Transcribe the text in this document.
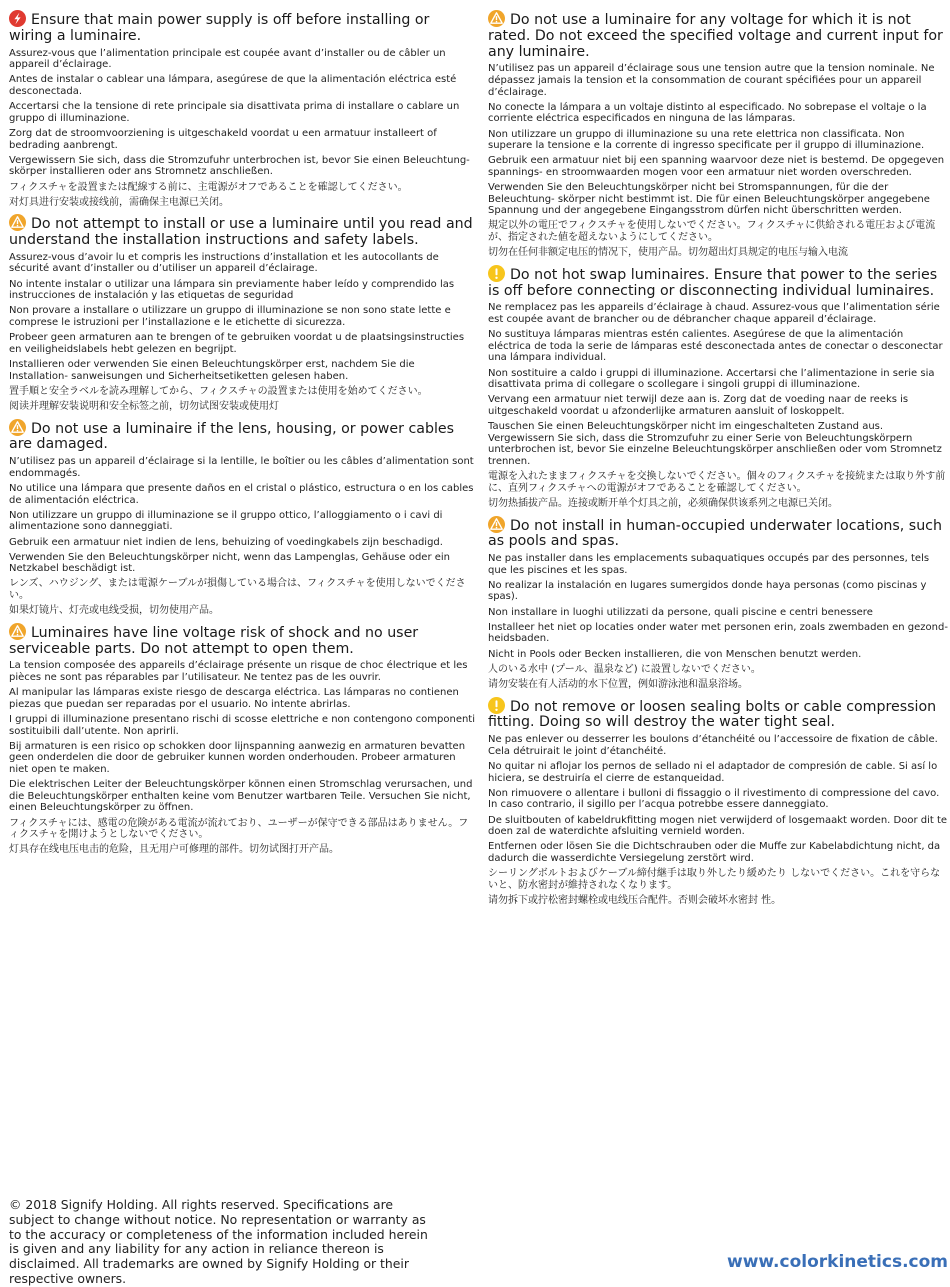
Ensure that main power supply is off before installing or wiring a luminaire.
Assurez-vous que l’alimentation principale est coupée avant d’installer ou de câbler un appareil d’éclairage.
Antes de instalar o cablear una lámpara, asegúrese de que la alimentación eléctrica esté desconectada.
Accertarsi che la tensione di rete principale sia disattivata prima di installare o cablare un gruppo di illuminazione.
Zorg dat de stroomvoorziening is uitgeschakeld voordat u een armatuur installeert of bedrading aanbrengt.
Vergewissern Sie sich, dass die Stromzufuhr unterbrochen ist, bevor Sie einen Beleuchtung- skörper installieren oder ans Stromnetz anschließen.
フィクスチャを設置または配線する前に、主電源がオフであることを確認してください。
对灯具进行安装或接线前，需确保主电源已关闭。
Do not attempt to install or use a luminaire until you read and understand the installation instructions and safety labels.
Assurez-vous d’avoir lu et compris les instructions d’installation et les autocollants de sécurité avant d’installer ou d’utiliser un appareil d’éclairage.
No intente instalar o utilizar una lámpara sin previamente haber leído y comprendido las instrucciones de instalación y las etiquetas de seguridad
Non provare a installare o utilizzare un gruppo di illuminazione se non sono state lette e comprese le istruzioni per l’installazione e le etichette di sicurezza.
Probeer geen armaturen aan te brengen of te gebruiken voordat u de plaatsingsinstructies en veiligheidslabels hebt gelezen en begrijpt.
Installieren oder verwenden Sie einen Beleuchtungskörper erst, nachdem Sie die Installation- sanweisungen und Sicherheitsetiketten gelesen haben.
置手順と安全ラベルを読み理解してから、フィクスチャの設置または使用を始めてください。
阅读并理解安装说明和安全标签之前，切勿试图安装或使用灯
Do not use a luminaire if the lens, housing, or power cables are damaged.
N’utilisez pas un appareil d’éclairage si la lentille, le boîtier ou les câbles d’alimentation sont endommagés.
No utilice una lámpara que presente daños en el cristal o plástico, estructura o en los cables de alimentación eléctrica.
Non utilizzare un gruppo di illuminazione se il gruppo ottico, l’alloggiamento o i cavi di alimentazione sono danneggiati.
Gebruik een armatuur niet indien de lens, behuizing of voedingkabels zijn beschadigd.
Verwenden Sie den Beleuchtungskörper nicht, wenn das Lampenglas, Gehäuse oder ein Netzkabel beschädigt ist.
レンズ、ハウジング、または電源ケーブルが損傷している場合は、フィクスチャを使用しないでください。
如果灯镜片、灯壳或电线受损，切勿使用产品。
Luminaires have line voltage risk of shock and no user serviceable parts. Do not attempt to open them.
La tension composée des appareils d’éclairage présente un risque de choc électrique et les pièces ne sont pas réparables par l’utilisateur. Ne tentez pas de les ouvrir.
Al manipular las lámparas existe riesgo de descarga eléctrica. Las lámparas no contienen piezas que puedan ser reparadas por el usuario. No intente abrirlas.
I gruppi di illuminazione presentano rischi di scosse elettriche e non contengono componenti sostituibili dall’utente. Non aprirli.
Bij armaturen is een risico op schokken door lijnspanning aanwezig en armaturen bevatten geen onderdelen die door de gebruiker kunnen worden onderhouden. Probeer armaturen niet open te maken.
Die elektrischen Leiter der Beleuchtungskörper können einen Stromschlag verursachen, und die Beleuchtungskörper enthalten keine vom Benutzer wartbaren Teile. Versuchen Sie nicht, einen Beleuchtungskörper zu öffnen.
フィクスチャには、感電の危険がある電流が流れており、ユーザーが保守できる部品はありません。フィクスチャを開けようとしないでください。
灯具存在线电压电击的危险，且无用户可修理的部件。切勿试图打开产品。
Do not use a luminaire for any voltage for which it is not rated. Do not exceed the specified voltage and current input for any luminaire.
N’utilisez pas un appareil d’éclairage sous une tension autre que la tension nominale. Ne dépassez jamais la tension et la consommation de courant spécifiées pour un appareil d’éclairage.
No conecte la lámpara a un voltaje distinto al especificado. No sobrepase el voltaje o la corriente eléctrica especificados en ninguna de las lámparas.
Non utilizzare un gruppo di illuminazione su una rete elettrica non classificata. Non superare la tensione e la corrente di ingresso specificate per il gruppo di illuminazione.
Gebruik een armatuur niet bij een spanning waarvoor deze niet is bestemd. De opgegeven spannings- en stroomwaarden mogen voor een armatuur niet worden overschreden.
Verwenden Sie den Beleuchtungskörper nicht bei Stromspannungen, für die der Beleuchtung- skörper nicht bestimmt ist. Die für einen Beleuchtungskörper angegebene Spannung und der angegebene Eingangsstrom dürfen nicht überschritten werden.
規定以外の電圧でフィクスチャを使用しないでください。フィクスチャに供給される電圧および電流が、指定された値を超えないようにしてください。
切勿在任何非额定电压的情况下，使用产品。切勿超出灯具规定的电压与输入电流
Do not hot swap luminaires. Ensure that power to the series is off before connecting or disconnecting individual luminaires.
Ne remplacez pas les appareils d’éclairage à chaud. Assurez-vous que l’alimentation série est coupée avant de brancher ou de débrancher chaque appareil d’éclairage.
No sustituya lámparas mientras estén calientes. Asegúrese de que la alimentación eléctrica de toda la serie de lámparas esté desconectada antes de conectar o desconectar una lámpara individual.
Non sostituire a caldo i gruppi di illuminazione. Accertarsi che l’alimentazione in serie sia disattivata prima di collegare o scollegare i singoli gruppi di illuminazione.
Vervang een armatuur niet terwijl deze aan is. Zorg dat de voeding naar de reeks is uitgeschakeld voordat u afzonderlijke armaturen aansluit of loskoppelt.
Tauschen Sie einen Beleuchtungskörper nicht im eingeschalteten Zustand aus. Vergewissern Sie sich, dass die Stromzufuhr zu einer Serie von Beleuchtungskörpern unterbrochen ist, bevor Sie einzelne Beleuchtungskörper anschließen oder vom Stromnetz trennen.
電源を入れたままフィクスチャを交換しないでください。個々のフィクスチャを接続または取り外す前に、直列フィクスチャへの電源がオフであることを確認してください。
切勿热插拔产品。连接或断开单个灯具之前，必须确保供该系列之电源已关闭。
Do not install in human-occupied underwater locations, such as pools and spas.
Ne pas installer dans les emplacements subaquatiques occupés par des personnes, tels que les piscines et les spas.
No realizar la instalación en lugares sumergidos donde haya personas (como piscinas y spas).
Non installare in luoghi utilizzati da persone, quali piscine e centri benessere
Installeer het niet op locaties onder water met personen erin, zoals zwembaden en gezond- heidsbaden.
Nicht in Pools oder Becken installieren, die von Menschen benutzt werden.
人のいる水中 (プール、温泉など) に設置しないでください。
请勿安装在有人活动的水下位置，例如游泳池和温泉浴场。
Do not remove or loosen sealing bolts or cable compression fitting. Doing so will destroy the water tight seal.
Ne pas enlever ou desserrer les boulons d’étanchéité ou l’accessoire de fixation de câble. Cela détruirait le joint d’étanchéité.
No quitar ni aflojar los pernos de sellado ni el adaptador de compresión de cable. Si así lo hiciera, se destruiría el cierre de estanqueidad.
Non rimuovere o allentare i bulloni di fissaggio o il rivestimento di compressione del cavo. In caso contrario, il sigillo per l’acqua potrebbe essere danneggiato.
De sluitbouten of kabeldrukfitting mogen niet verwijderd of losgemaakt worden. Door dit te doen zal de waterdichte afsluiting vernield worden.
Entfernen oder lösen Sie die Dichtschrauben oder die Muffe zur Kabelabdichtung nicht, da dadurch die wasserdichte Versiegelung zerstört wird.
シーリングボルトおよびケーブル締付継手は取り外したり緩めたり しないでください。これを守らないと、防水密封が維持されなくなります。
请勿拆下或拧松密封螺栓或电线压合配件。否则会破坏水密封 性。
© 2018 Signify Holding. All rights reserved. Specifications are subject to change without notice. No representation or warranty as to the accuracy or completeness of the information included herein is given and any liability for any action in reliance thereon is disclaimed. All trademarks are owned by Signify Holding or their respective owners.
www.colorkinetics.com
